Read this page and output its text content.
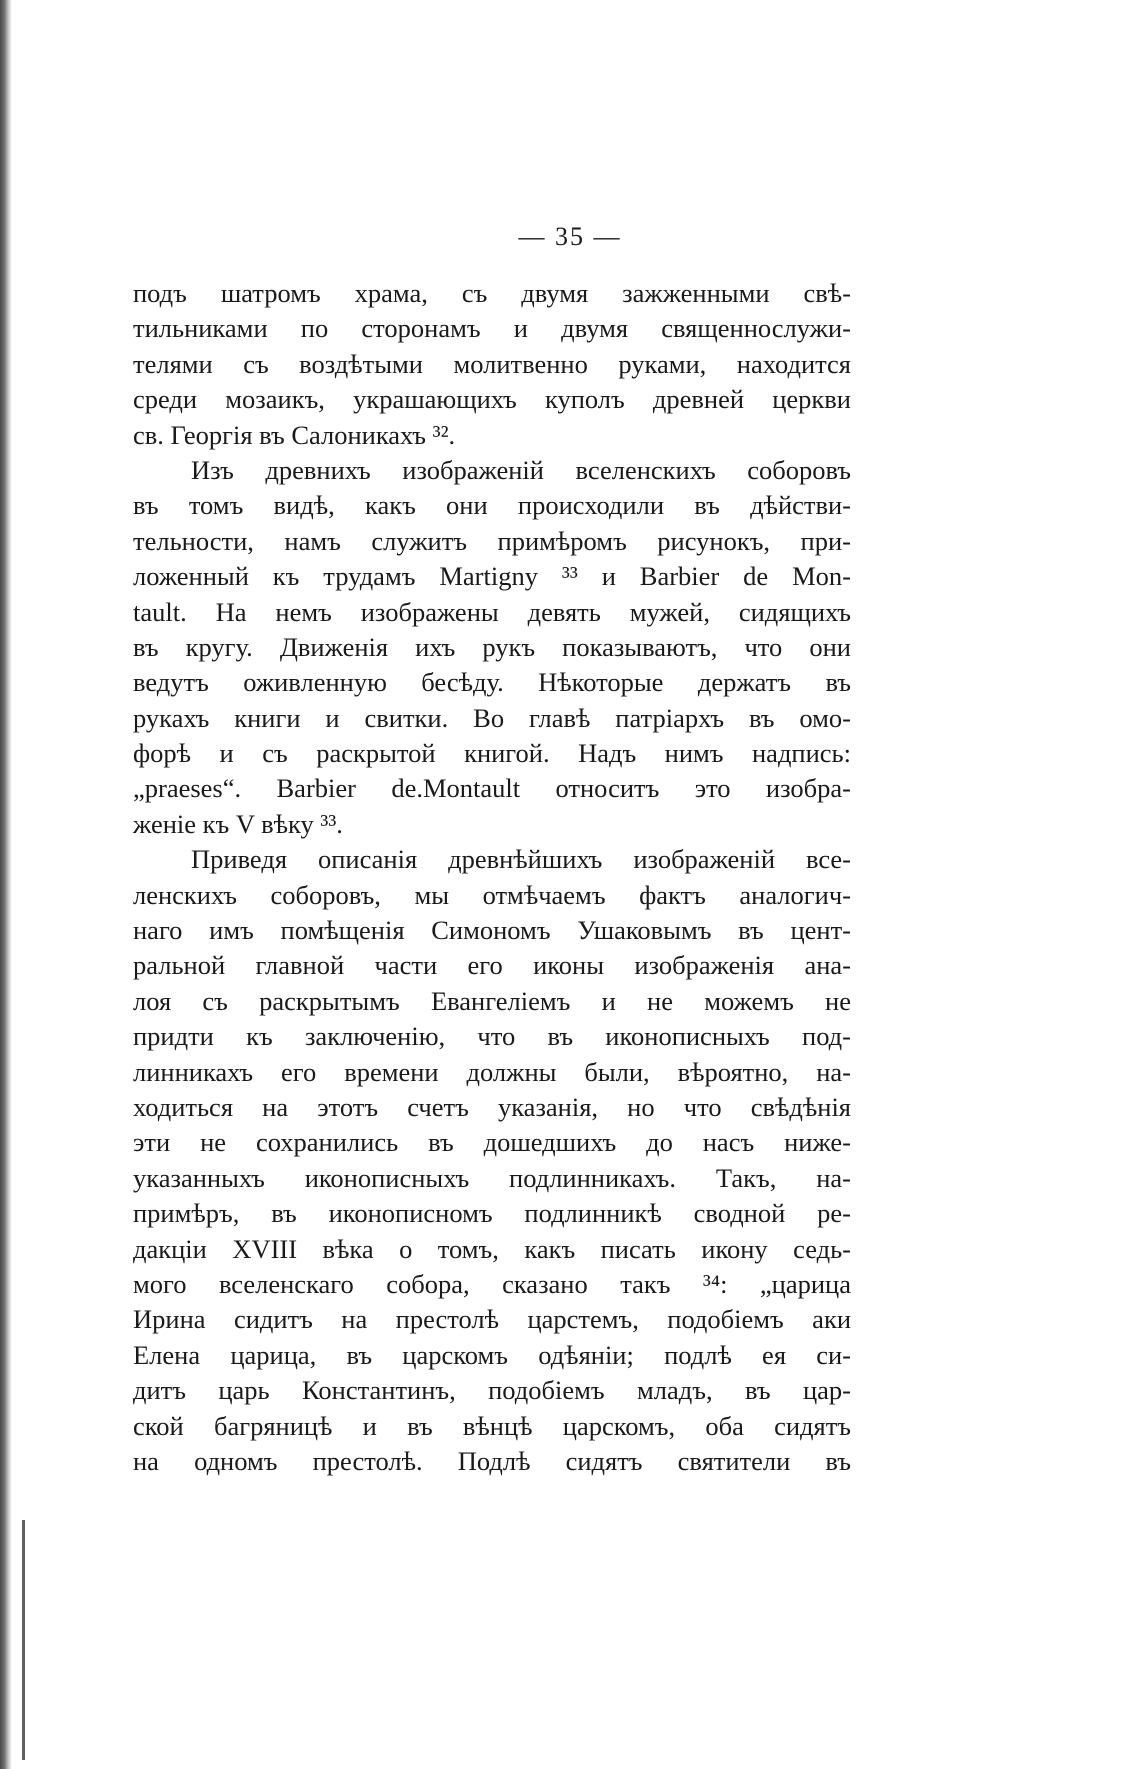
— 35 —
подъ шатромъ храма, съ двумя зажженными свѣ-
тильниками по сторонамъ и двумя священнослужи-
телями съ воздѣтыми молитвенно руками, находится
среди мозаикъ, украшающихъ куполъ древней церкви
св. Георгія въ Салоникахъ ³².
Изъ древнихъ изображеній вселенскихъ соборовъ
въ томъ видѣ, какъ они происходили въ дѣйстви-
тельности, намъ служитъ примѣромъ рисунокъ, при-
ложенный къ трудамъ Martigny ³³ и Barbier de Mon-
tault. На немъ изображены девять мужей, сидящихъ
въ кругу. Движенія ихъ рукъ показываютъ, что они
ведутъ оживленную бесѣду. Нѣкоторые держатъ въ
рукахъ книги и свитки. Во главѣ патріархъ въ омо-
форѣ и съ раскрытой книгой. Надъ нимъ надпись:
„praeses“. Barbier de.Montault относитъ это изобра-
женіе къ V вѣку ³³.
Приведя описанія древнѣйшихъ изображеній все-
ленскихъ соборовъ, мы отмѣчаемъ фактъ аналогич-
наго имъ помѣщенія Симономъ Ушаковымъ въ цент-
ральной главной части его иконы изображенія ана-
лоя съ раскрытымъ Евангеліемъ и не можемъ не
придти къ заключенію, что въ иконописныхъ под-
линникахъ его времени должны были, вѣроятно, на-
ходиться на этотъ счетъ указанія, но что свѣдѣнія
эти не сохранились въ дошедшихъ до насъ ниже-
указанныхъ иконописныхъ подлинникахъ. Такъ, на-
примѣръ, въ иконописномъ подлинникѣ сводной ре-
дакціи XVIII вѣка о томъ, какъ писать икону седь-
мого вселенскаго собора, сказано такъ ³⁴: „царица
Ирина сидитъ на престолѣ царстемъ, подобіемъ аки
Елена царица, въ царскомъ одѣяніи; подлѣ ея си-
дитъ царь Константинъ, подобіемъ младъ, въ цар-
ской багряницѣ и въ вѣнцѣ царскомъ, оба сидятъ
на одномъ престолѣ. Подлѣ сидятъ святители въ
